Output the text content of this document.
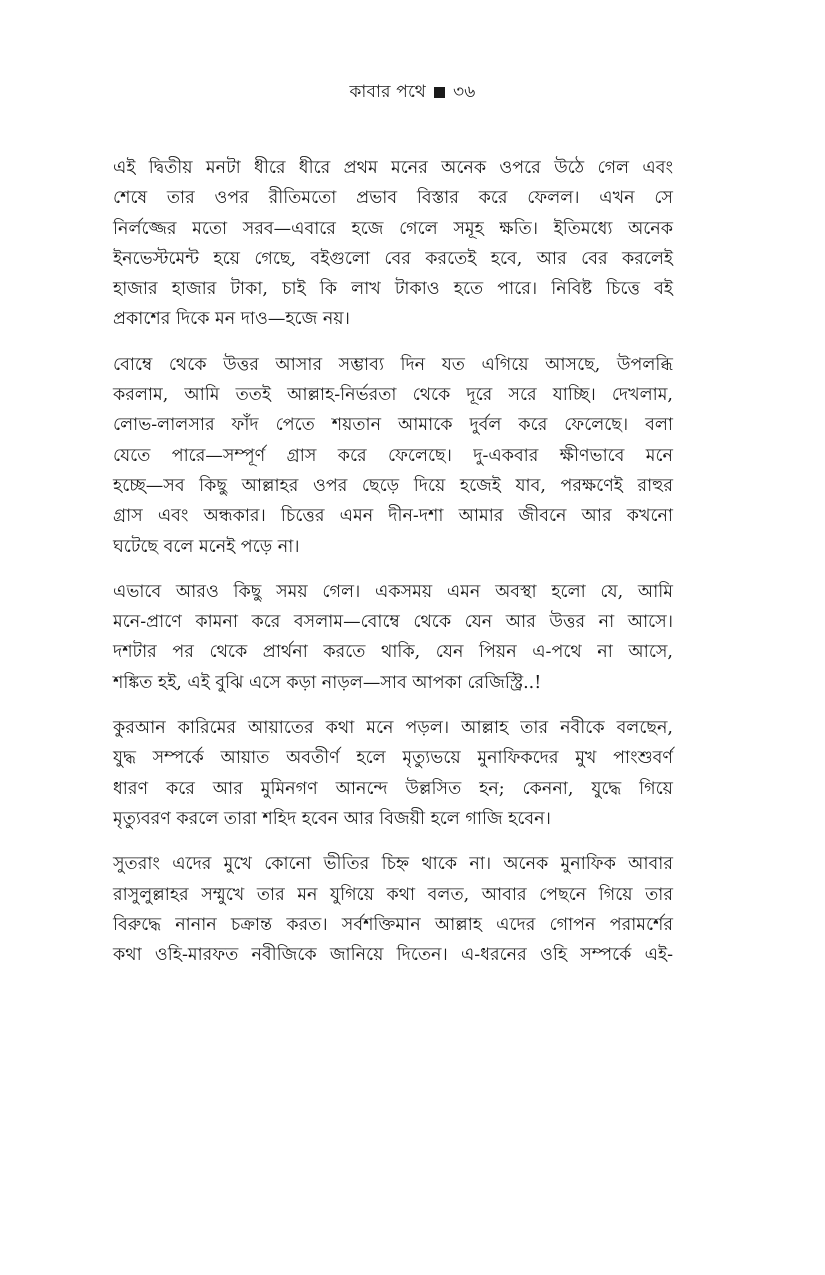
কাবার পথে ৩৬

এই দ্বিতীয় মনটা ধীরে ধীরে প্রথম মনের অনেক ওপরে উঠে গেল এবং
শেষে তার ওপর রীতিমতো প্রভাব বিস্তার করে ফেলল। এখন সে
নির্লজ্জের মতো সরব—এবারে হজে গেলে সমূহ ক্ষতি। ইতিমধ্যে অনেক
ইনভেস্টমেন্ট হয়ে গেছে, বইগুলো বের করতেই হবে, আর বের করলেই
হাজার হাজার টাকা, চাই কি লাখ টাকাও হতে পারে। নিবিষ্ট চিত্তে বই
প্রকাশের দিকে মন দাও—হজে নয়।

বোম্বে থেকে উত্তর আসার সম্ভাব্য দিন যত এগিয়ে আসছে, উপলব্ধি
করলাম, আমি ততই আল্লাহ-নির্ভরতা থেকে দূরে সরে যাচ্ছি। দেখলাম,
লোভ-লালসার ফাঁদ পেতে শয়তান আমাকে দুর্বল করে ফেলেছে। বলা
যেতে পারে—সম্পূর্ণ গ্রাস করে ফেলেছে। দু-একবার ক্ষীণভাবে মনে
হচ্ছে—সব কিছু আল্লাহর ওপর ছেড়ে দিয়ে হজেই যাব, পরক্ষণেই রাহুর
গ্রাস এবং অন্ধকার। চিত্তের এমন দীন-দশা আমার জীবনে আর কখনো
ঘটেছে বলে মনেই পড়ে না।

এভাবে আরও কিছু সময় গেল। একসময় এমন অবস্থা হলো যে, আমি
মনে-প্রাণে কামনা করে বসলাম—বোম্বে থেকে যেন আর উত্তর না আসে।
দশটার পর থেকে প্রার্থনা করতে থাকি, যেন পিয়ন এ-পথে না আসে,
শঙ্কিত হই, এই বুঝি এসে কড়া নাড়ল—সাব আপকা রেজিস্ট্রি..!

কুরআন কারিমের আয়াতের কথা মনে পড়ল। আল্লাহ তার নবীকে বলছেন,
যুদ্ধ সম্পর্কে আয়াত অবতীর্ণ হলে মৃত্যুভয়ে মুনাফিকদের মুখ পাংশুবর্ণ
ধারণ করে আর মুমিনগণ আনন্দে উল্লসিত হন; কেননা, যুদ্ধে গিয়ে
মৃত্যুবরণ করলে তারা শহিদ হবেন আর বিজয়ী হলে গাজি হবেন।

সুতরাং এদের মুখে কোনো ভীতির চিহ্ন থাকে না। অনেক মুনাফিক আবার
রাসুলুল্লাহর সম্মুখে তার মন যুগিয়ে কথা বলত, আবার পেছনে গিয়ে তার
বিরুদ্ধে নানান চক্রান্ত করত। সর্বশক্তিমান আল্লাহ এদের গোপন পরামর্শের
কথা ওহি-মারফত নবীজিকে জানিয়ে দিতেন। এ-ধরনের ওহি সম্পর্কে এই-
